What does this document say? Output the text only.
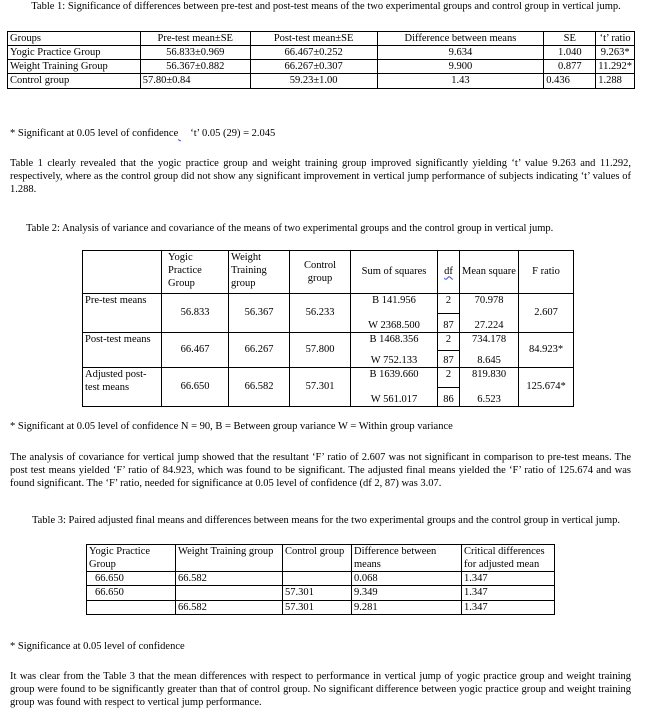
Table 1: Significance of differences between pre-test and post-test means of the two experimental groups and control group in vertical jump.
Groups	Pre-test mean±SE	Post-test mean±SE	Difference between means	SE	‘t’ ratio
Yogic Practice Group	56.833±0.969	66.467±0.252	9.634	1.040	9.263*
Weight Training Group	56.367±0.882	66.267±0.307	9.900	0.877	11.292*
Control group	57.80±0.84	59.23±1.00	1.43	0.436	1.288
* Significant at 0.05 level of confidence ‘t’ 0.05 (29) = 2.045

Table 1 clearly revealed that the yogic practice group and weight training group improved significantly yielding ‘t’ value 9.263 and 11.292, respectively, where as the control group did not show any significant improvement in vertical jump performance of subjects indicating ‘t’ values of 1.288.

Table 2: Analysis of variance and covariance of the means of two experimental groups and the control group in vertical jump.
	Yogic Practice Group	Weight Training group	Control group	Sum of squares	df	Mean square	F ratio
Pre-test means	56.833	56.367	56.233	B 141.956	2	70.978	2.607
				W 2368.500	87	27.224	
Post-test means	66.467	66.267	57.800	B 1468.356	2	734.178	84.923*
				W 752.133	87	8.645	
Adjusted post-test means	66.650	66.582	57.301	B 1639.660	2	819.830	125.674*
				W 561.017	86	6.523	
* Significant at 0.05 level of confidence N = 90, B = Between group variance W = Within group variance

The analysis of covariance for vertical jump showed that the resultant ‘F’ ratio of 2.607 was not significant in comparison to pre-test means. The post test means yielded ‘F’ ratio of 84.923, which was found to be significant. The adjusted final means yielded the ‘F’ ratio of 125.674 and was found significant. The ‘F’ ratio, needed for significance at 0.05 level of confidence (df 2, 87) was 3.07.

Table 3: Paired adjusted final means and differences between means for the two experimental groups and the control group in vertical jump.
Yogic Practice Group	Weight Training group	Control group	Difference between means	Critical differences for adjusted mean
66.650	66.582		0.068	1.347
66.650		57.301	9.349	1.347
	66.582	57.301	9.281	1.347
* Significance at 0.05 level of confidence

It was clear from the Table 3 that the mean differences with respect to performance in vertical jump of yogic practice group and weight training group were found to be significantly greater than that of control group. No significant difference between yogic practice group and weight training group was found with respect to vertical jump performance.
